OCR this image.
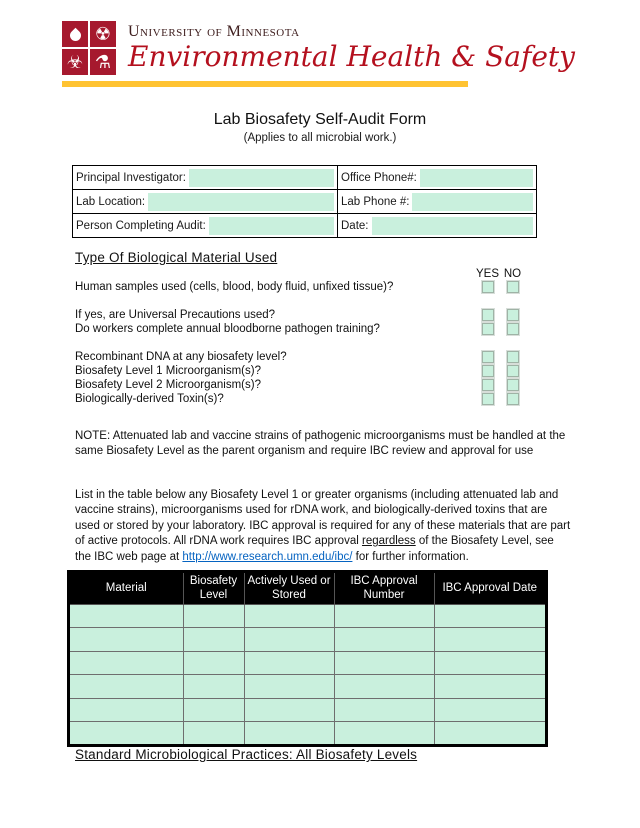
☢
☣ ⚗
University of Minnesota
Environmental Health & Safety
Lab Biosafety Self-Audit Form
(Applies to all microbial work.)
Principal Investigator:	Office Phone#:

Lab Location:	Lab Phone #:

Person Completing Audit:	Date:
Type Of Biological Material Used
YES NO
Human samples used (cells, blood, body fluid, unfixed tissue)?
If yes, are Universal Precautions used?
Do workers complete annual bloodborne pathogen training?
Recombinant DNA at any biosafety level?
Biosafety Level 1 Microorganism(s)?
Biosafety Level 2 Microorganism(s)?
Biologically-derived Toxin(s)?
NOTE: Attenuated lab and vaccine strains of pathogenic microorganisms must be handled at the same Biosafety Level as the parent organism and require IBC review and approval for use
List in the table below any Biosafety Level 1 or greater organisms (including attenuated lab and vaccine strains), microorganisms used for rDNA work, and biologically-derived toxins that are used or stored by your laboratory. IBC approval is required for any of these materials that are part of active protocols. All rDNA work requires IBC approval regardless of the Biosafety Level, see the IBC web page at http://www.research.umn.edu/ibc/ for further information.
Material	Biosafety Level	Actively Used or Stored	IBC Approval Number	IBC Approval Date

Standard Microbiological Practices: All Biosafety Levels
